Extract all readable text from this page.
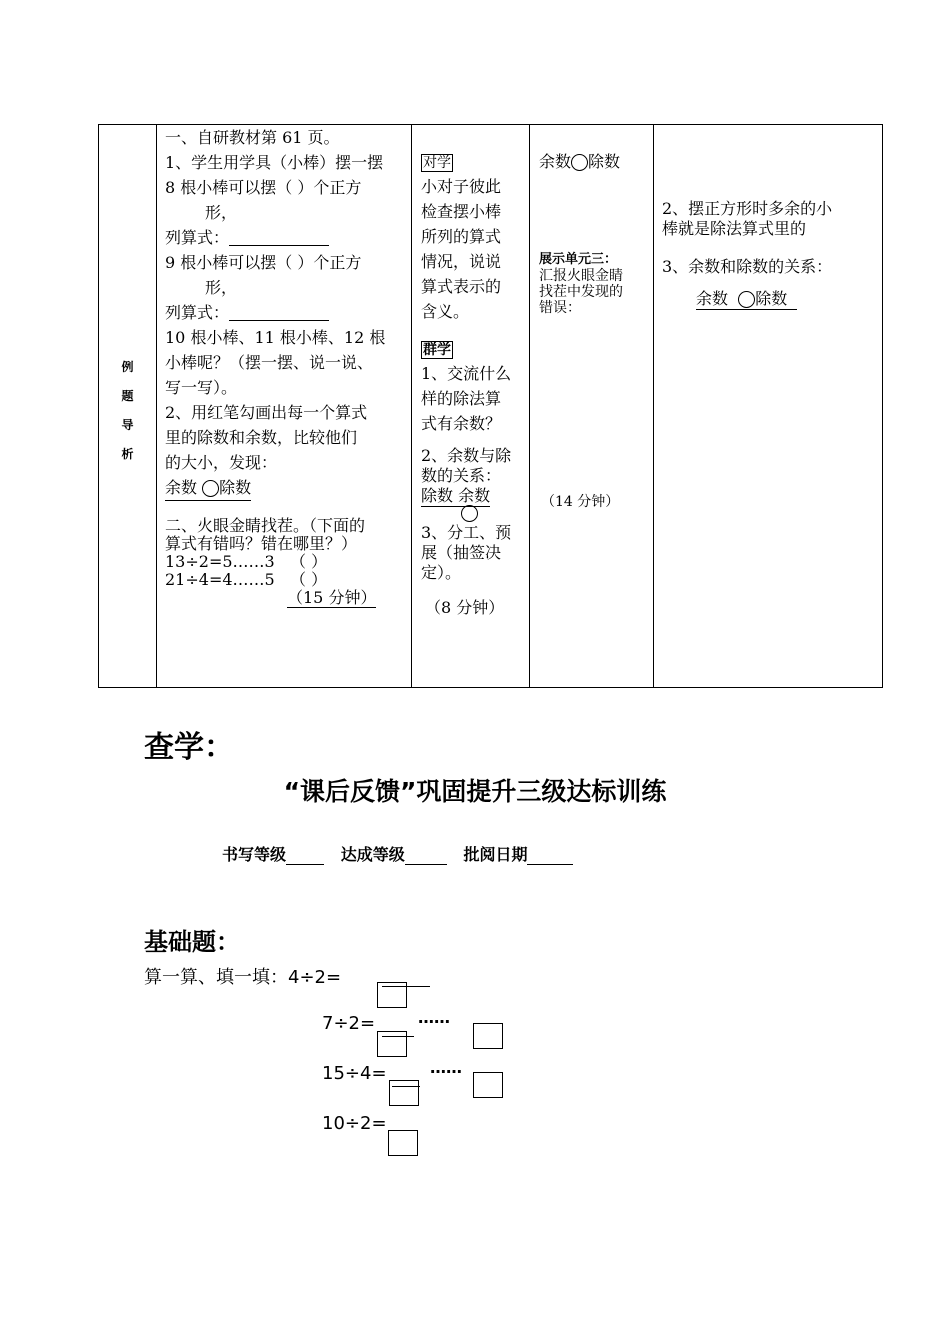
例
题
导
析

一、自研教材第 61 页。
1、学生用学具（小棒）摆一摆
8 根小棒可以摆（ ）个正方
形，
列算式：
9 根小棒可以摆（ ）个正方
形，
列算式：
10 根小棒、11 根小棒、12 根
小棒呢？（摆一摆、说一说、
写一写）。
2、用红笔勾画出每一个算式
里的除数和余数，比较他们
的大小，发现：
余数 除数
二、火眼金睛找茬。（下面的
算式有错吗？错在哪里？）
13÷2=5……3 （ ）
21÷4=4……5 （ ）
（15 分钟）

对学
小对子彼此
检查摆小棒
所列的算式
情况，说说
算式表示的
含义。
群学
1、交流什么
样的除法算
式有余数？
2、余数与除
数的关系：
除数 余数
3、分工、预
展（抽签决
定）。
（8 分钟）

余数 除数
展示单元三：
汇报火眼金睛
找茬中发现的
错误：
（14 分钟）

2、摆正方形时多余的小
棒就是除法算式里的
3、余数和除数的关系：
余数 除数
查学：
“课后反馈”巩固提升三级达标训练
书写等级	达成等级	批阅日期
基础题：
算一算、填一填：4÷2=
7÷2=	……
15÷4=	……
10÷2=
